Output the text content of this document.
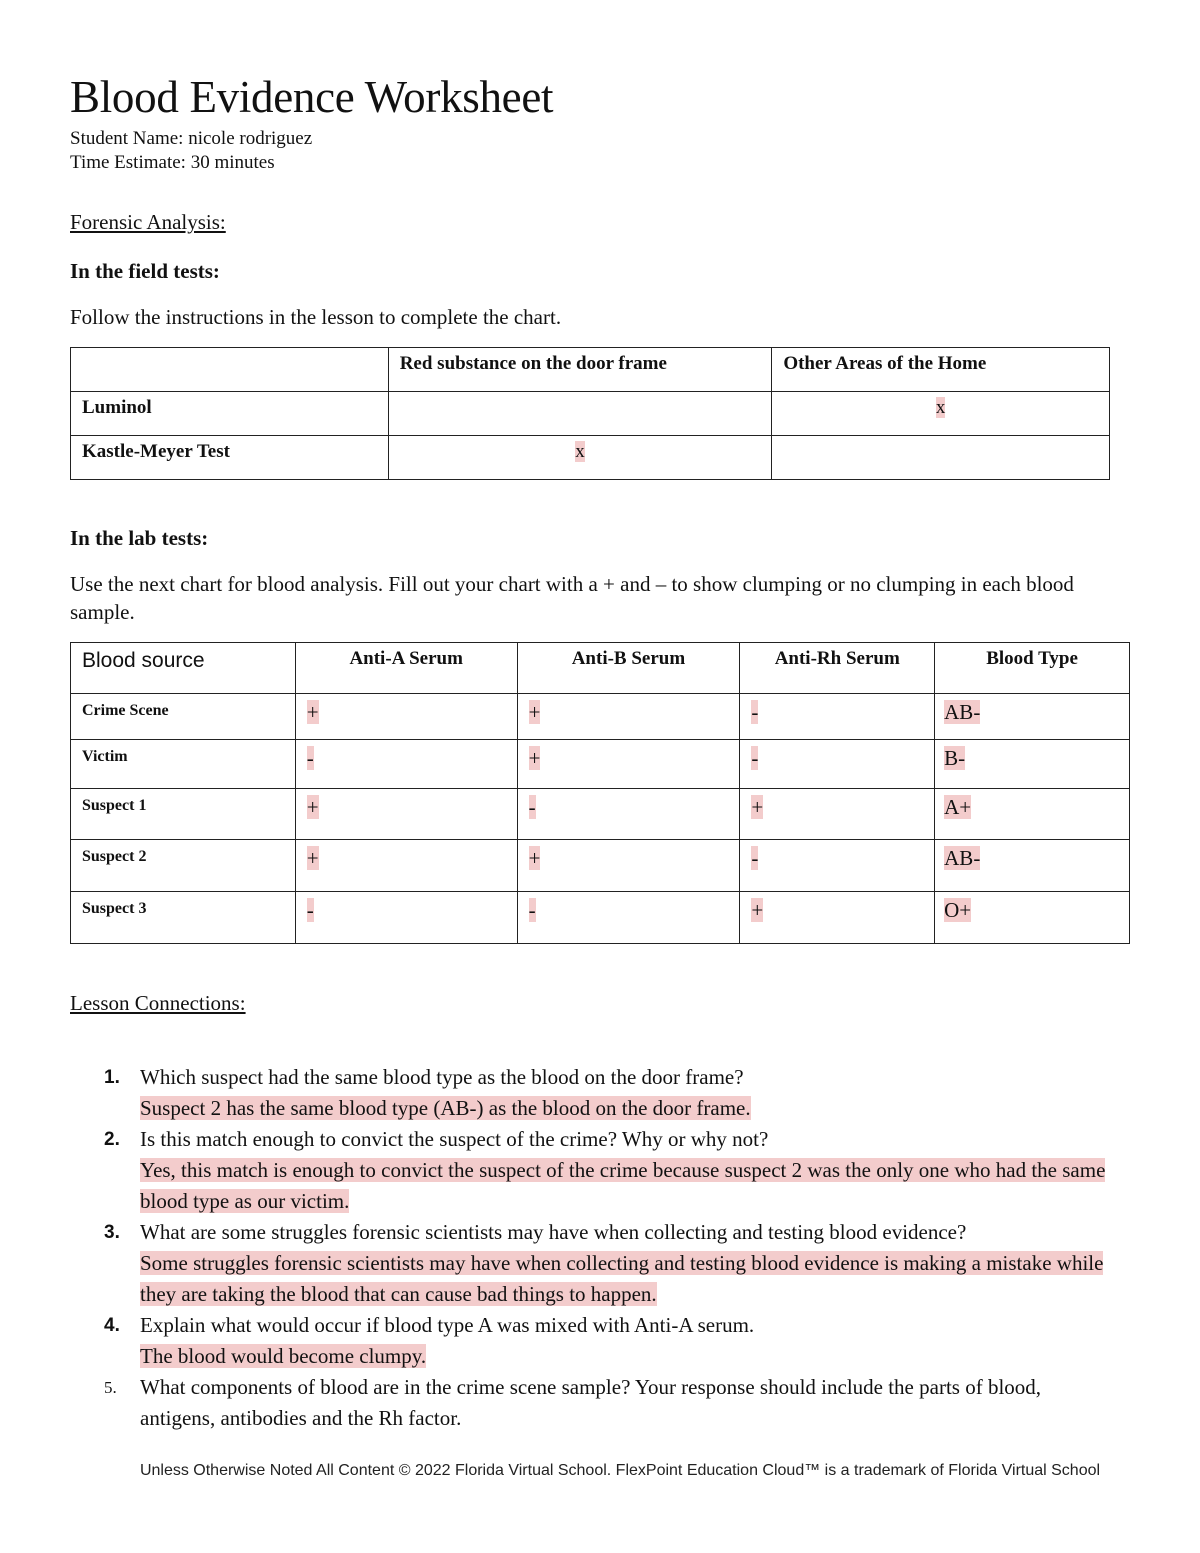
Blood Evidence Worksheet
Student Name: nicole rodriguez
Time Estimate: 30 minutes
Forensic Analysis:
In the field tests:
Follow the instructions in the lesson to complete the chart.
	Red substance on the door frame	Other Areas of the Home
Luminol		x
Kastle-Meyer Test	x	
In the lab tests:
Use the next chart for blood analysis. Fill out your chart with a + and – to show clumping or no clumping in each blood sample.
Blood source	Anti-A Serum	Anti-B Serum	Anti-Rh Serum	Blood Type
Crime Scene	+	+	-	AB-
Victim	-	+	-	B-
Suspect 1	+	-	+	A+
Suspect 2	+	+	-	AB-
Suspect 3	-	-	+	O+
Lesson Connections:
1. Which suspect had the same blood type as the blood on the door frame?
Suspect 2 has the same blood type (AB-) as the blood on the door frame.
2. Is this match enough to convict the suspect of the crime? Why or why not?
Yes, this match is enough to convict the suspect of the crime because suspect 2 was the only one who had the same blood type as our victim.
3. What are some struggles forensic scientists may have when collecting and testing blood evidence?
Some struggles forensic scientists may have when collecting and testing blood evidence is making a mistake while they are taking the blood that can cause bad things to happen.
4. Explain what would occur if blood type A was mixed with Anti-A serum.
The blood would become clumpy.
5.	What components of blood are in the crime scene sample? Your response should include the parts of blood, antigens, antibodies and the Rh factor.
Unless Otherwise Noted All Content © 2022 Florida Virtual School. FlexPoint Education Cloud™ is a trademark of Florida Virtual School
